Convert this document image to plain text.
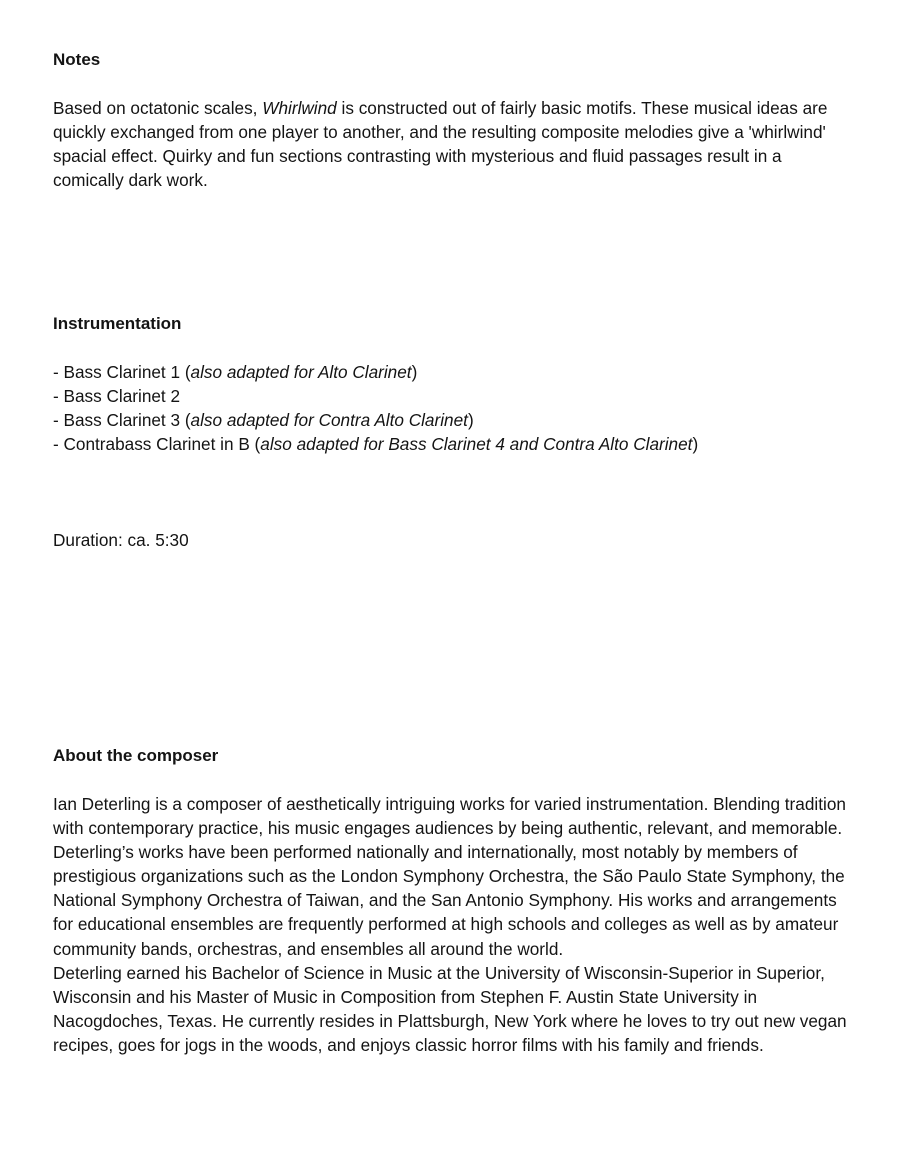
Notes

Based on octatonic scales, Whirlwind is constructed out of fairly basic motifs. These musical ideas are quickly exchanged from one player to another, and the resulting composite melodies give a 'whirlwind' spacial effect. Quirky and fun sections contrasting with mysterious and fluid passages result in a comically dark work.

Instrumentation
- Bass Clarinet 1 (also adapted for Alto Clarinet)
- Bass Clarinet 2
- Bass Clarinet 3 (also adapted for Contra Alto Clarinet)
- Contrabass Clarinet in B (also adapted for Bass Clarinet 4 and Contra Alto Clarinet)

Duration: ca. 5:30

About the composer

Ian Deterling is a composer of aesthetically intriguing works for varied instrumentation. Blending tradition with contemporary practice, his music engages audiences by being authentic, relevant, and memorable.
Deterling’s works have been performed nationally and internationally, most notably by members of prestigious organizations such as the London Symphony Orchestra, the São Paulo State Symphony, the National Symphony Orchestra of Taiwan, and the San Antonio Symphony. His works and arrangements for educational ensembles are frequently performed at high schools and colleges as well as by amateur community bands, orchestras, and ensembles all around the world.
Deterling earned his Bachelor of Science in Music at the University of Wisconsin-Superior in Superior, Wisconsin and his Master of Music in Composition from Stephen F. Austin State University in Nacogdoches, Texas. He currently resides in Plattsburgh, New York where he loves to try out new vegan recipes, goes for jogs in the woods, and enjoys classic horror films with his family and friends.
